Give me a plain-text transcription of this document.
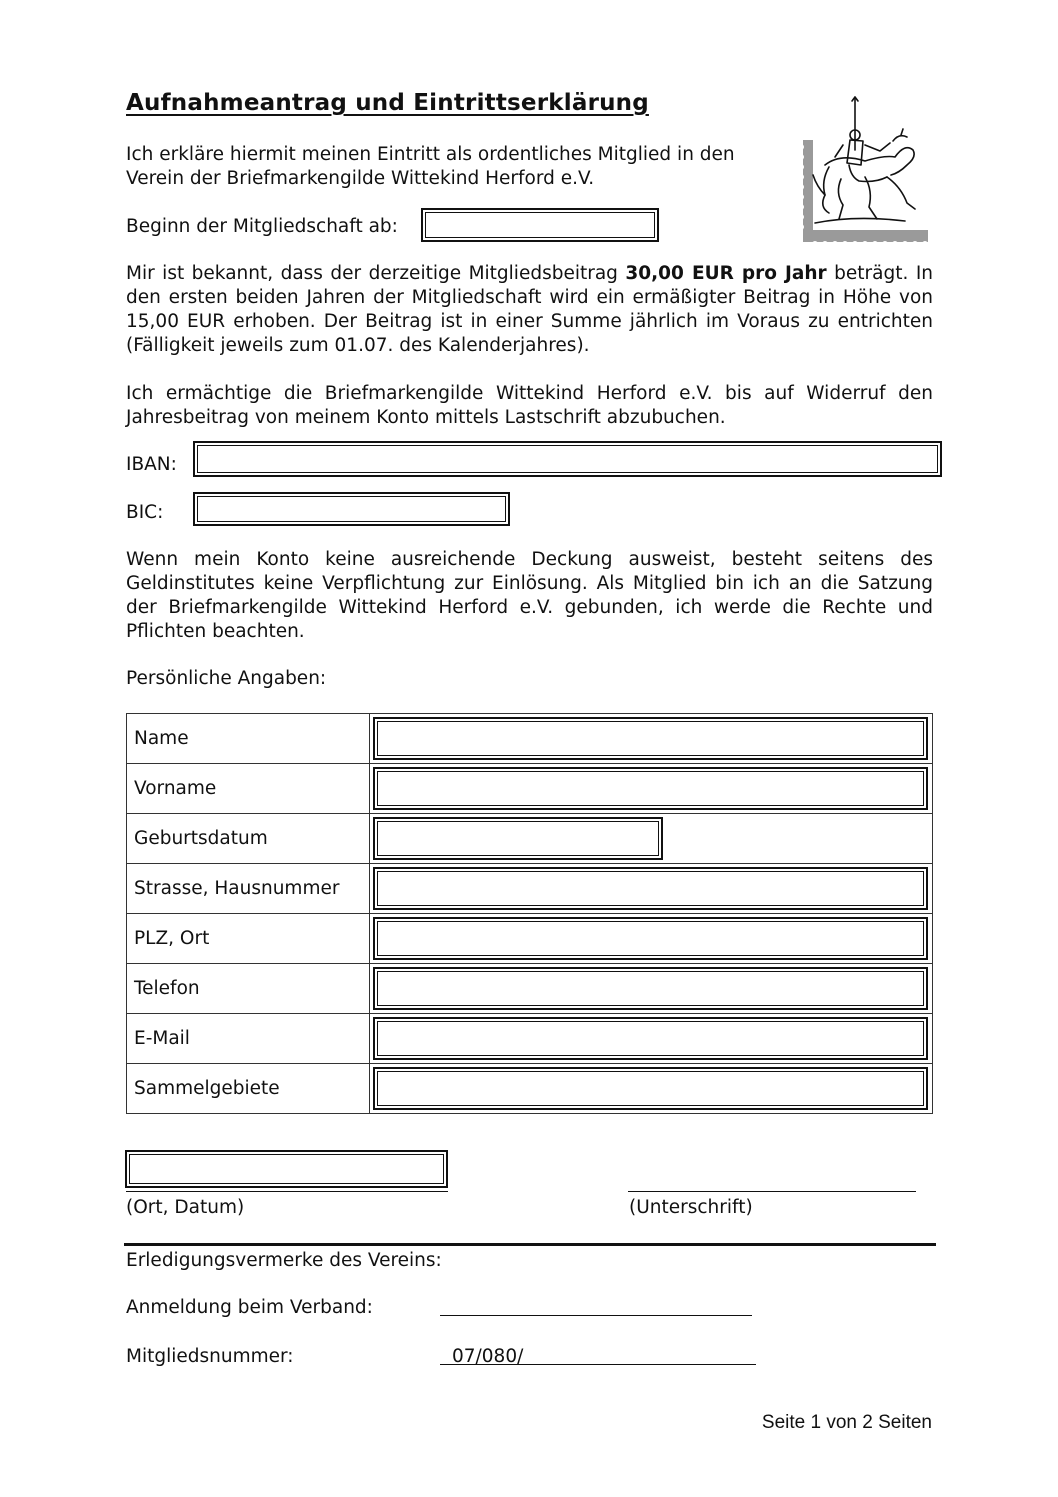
Aufnahmeantrag und Eintrittserklärung

Ich erkläre hiermit meinen Eintritt als ordentliches Mitglied in den

Verein der Briefmarkengilde Wittekind Herford e.V.

Beginn der Mitgliedschaft ab:

Mir ist bekannt, dass der derzeitige Mitgliedsbeitrag 30,00 EUR pro Jahr beträgt. In den ersten beiden Jahren der Mitgliedschaft wird ein ermäßigter Beitrag in Höhe von 15,00 EUR erhoben. Der Beitrag ist in einer Summe jährlich im Voraus zu entrichten (Fälligkeit jeweils zum 01.07. des Kalenderjahres).

Ich ermächtige die Briefmarkengilde Wittekind Herford e.V. bis auf Widerruf den Jahresbeitrag von meinem Konto mittels Lastschrift abzubuchen.

IBAN:
BIC:

Wenn mein Konto keine ausreichende Deckung ausweist, besteht seitens des Geldinstitutes keine Verpflichtung zur Einlösung. Als Mitglied bin ich an die Satzung der Briefmarkengilde Wittekind Herford e.V. gebunden, ich werde die Rechte und Pflichten beachten.

Persönliche Angaben:
Name	

Vorname	

Geburtsdatum	

Strasse, Hausnummer	

PLZ, Ort	

Telefon	

E-Mail	

Sammelgebiete	
(Ort, Datum)	(Unterschrift)
Erledigungsvermerke des Vereins:
Anmeldung beim Verband:
Mitgliedsnummer:	07/080/
Seite 1 von 2 Seiten
